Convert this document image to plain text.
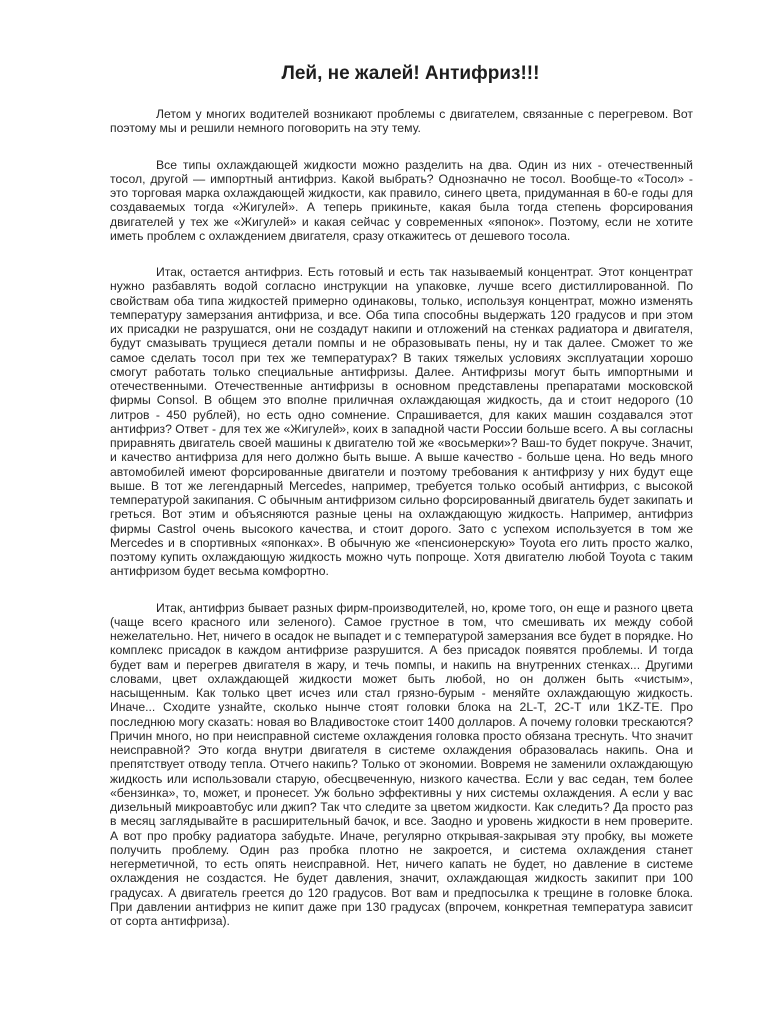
Лей, не жалей! Антифриз!!!

Летом у многих водителей возникают проблемы с двигателем, связанные с перегревом. Вот поэтому мы и решили немного поговорить на эту тему.

Все типы охлаждающей жидкости можно разделить на два. Один из них - отечественный тосол, другой — импортный антифриз. Какой выбрать? Однозначно не тосол. Вообще-то «Тосол» - это торговая марка охлаждающей жидкости, как правило, синего цвета, придуманная в 60-е годы для создаваемых тогда «Жигулей». А теперь прикиньте, какая была тогда степень форсирования двигателей у тех же «Жигулей» и какая сейчас у современных «японок». Поэтому, если не хотите иметь проблем с охлаждением двигателя, сразу откажитесь от дешевого тосола.

Итак, остается антифриз. Есть готовый и есть так называемый концентрат. Этот концентрат нужно разбавлять водой согласно инструкции на упаковке, лучше всего дистиллированной. По свойствам оба типа жидкостей примерно одинаковы, только, используя концентрат, можно изменять температуру замерзания антифриза, и все. Оба типа способны выдержать 120 градусов и при этом их присадки не разрушатся, они не создадут накипи и отложений на стенках радиатора и двигателя, будут смазывать трущиеся детали помпы и не образовывать пены, ну и так далее. Сможет то же самое сделать тосол при тех же температурах? В таких тяжелых условиях эксплуатации хорошо смогут работать только специальные антифризы. Далее. Антифризы могут быть импортными и отечественными. Отечественные антифризы в основном представлены препаратами московской фирмы Consol. В общем это вполне приличная охлаждающая жидкость, да и стоит недорого (10 литров - 450 рублей), но есть одно сомнение. Спрашивается, для каких машин создавался этот антифриз? Ответ - для тех же «Жигулей», коих в западной части России больше всего. А вы согласны приравнять двигатель своей машины к двигателю той же «восьмерки»? Ваш-то будет покруче. Значит, и качество антифриза для него должно быть выше. А выше качество - больше цена. Но ведь много автомобилей имеют форсированные двигатели и поэтому требования к антифризу у них будут еще выше. В тот же легендарный Mercedes, например, требуется только особый антифриз, с высокой температурой закипания. С обычным антифризом сильно форсированный двигатель будет закипать и греться. Вот этим и объясняются разные цены на охлаждающую жидкость. Например, антифриз фирмы Castrol очень высокого качества, и стоит дорого. Зато с успехом используется в том же Mercedes и в спортивных «японках». В обычную же «пенсионерскую» Toyota его лить просто жалко, поэтому купить охлаждающую жидкость можно чуть попроще. Хотя двигателю любой Toyota с таким антифризом будет весьма комфортно.

Итак, антифриз бывает разных фирм-производителей, но, кроме того, он еще и разного цвета (чаще всего красного или зеленого). Самое грустное в том, что смешивать их между собой нежелательно. Нет, ничего в осадок не выпадет и с температурой замерзания все будет в порядке. Но комплекс присадок в каждом антифризе разрушится. А без присадок появятся проблемы. И тогда будет вам и перегрев двигателя в жару, и течь помпы, и накипь на внутренних стенках... Другими словами, цвет охлаждающей жидкости может быть любой, но он должен быть «чистым», насыщенным. Как только цвет исчез или стал грязно-бурым - меняйте охлаждающую жидкость. Иначе... Сходите узнайте, сколько нынче стоят головки блока на 2L-T, 2C-T или 1KZ-TE. Про последнюю могу сказать: новая во Владивостоке стоит 1400 долларов. А почему головки трескаются? Причин много, но при неисправной системе охлаждения головка просто обязана треснуть. Что значит неисправной? Это когда внутри двигателя в системе охлаждения образовалась накипь. Она и препятствует отводу тепла. Отчего накипь? Только от экономии. Вовремя не заменили охлаждающую жидкость или использовали старую, обесцвеченную, низкого качества. Если у вас седан, тем более «бензинка», то, может, и пронесет. Уж больно эффективны у них системы охлаждения. А если у вас дизельный микроавтобус или джип? Так что следите за цветом жидкости. Как следить? Да просто раз в месяц заглядывайте в расширительный бачок, и все. Заодно и уровень жидкости в нем проверите. А вот про пробку радиатора забудьте. Иначе, регулярно открывая-закрывая эту пробку, вы можете получить проблему. Один раз пробка плотно не закроется, и система охлаждения станет негерметичной, то есть опять неисправной. Нет, ничего капать не будет, но давление в системе охлаждения не создастся. Не будет давления, значит, охлаждающая жидкость закипит при 100 градусах. А двигатель греется до 120 градусов. Вот вам и предпосылка к трещине в головке блока. При давлении антифриз не кипит даже при 130 градусах (впрочем, конкретная температура зависит от сорта антифриза).
